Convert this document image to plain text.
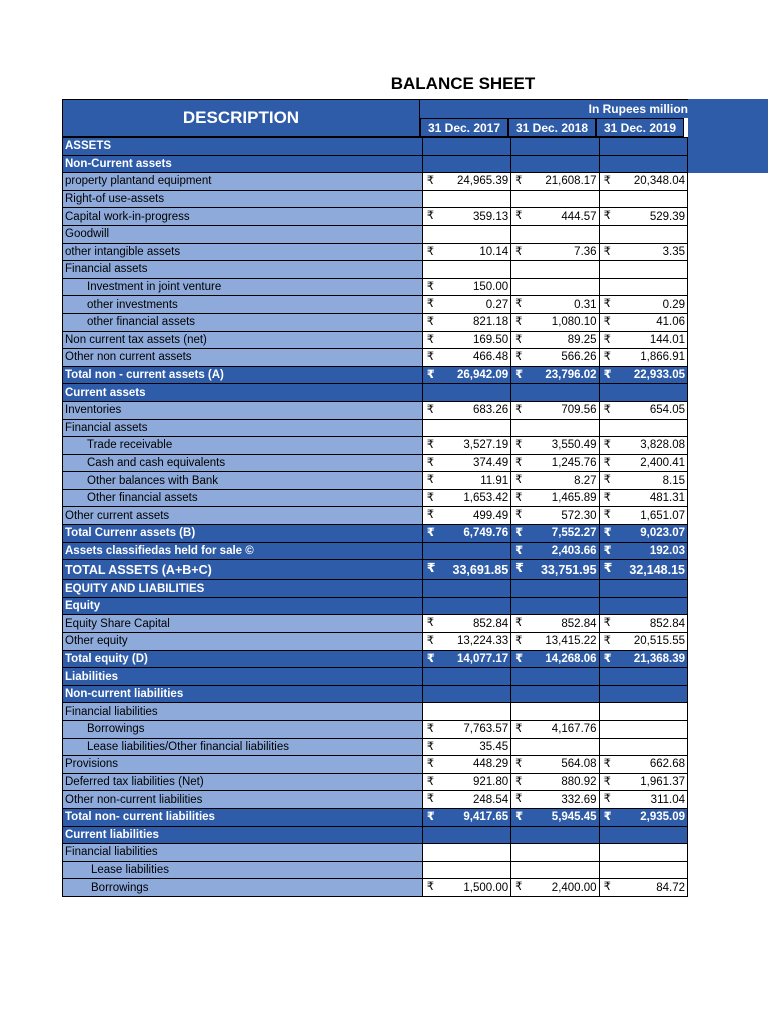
BALANCE SHEET
DESCRIPTION	In Rupees million
31 Dec. 2017	31 Dec. 2018	31 Dec. 2019
ASSETS			
Non-Current assets			
property plantand equipment	₹ 24,965.39	₹ 21,608.17	₹ 20,348.04
Right-of use-assets			
Capital work-in-progress	₹ 359.13	₹ 444.57	₹ 529.39
Goodwill			
other intangible assets	₹ 10.14	₹ 7.36	₹ 3.35
Financial assets			
Investment in joint venture	₹ 150.00		
other investments	₹ 0.27	₹ 0.31	₹ 0.29
other financial assets	₹ 821.18	₹ 1,080.10	₹ 41.06
Non current tax assets (net)	₹ 169.50	₹ 89.25	₹ 144.01
Other non current assets	₹ 466.48	₹ 566.26	₹ 1,866.91
Total non - current assets (A)	₹ 26,942.09	₹ 23,796.02	₹ 22,933.05
Current assets			
Inventories	₹ 683.26	₹ 709.56	₹ 654.05
Financial assets			
Trade receivable	₹ 3,527.19	₹ 3,550.49	₹ 3,828.08
Cash and cash equivalents	₹ 374.49	₹ 1,245.76	₹ 2,400.41
Other balances with Bank	₹ 11.91	₹ 8.27	₹ 8.15
Other financial assets	₹ 1,653.42	₹ 1,465.89	₹ 481.31
Other current assets	₹ 499.49	₹ 572.30	₹ 1,651.07
Total Currenr assets (B)	₹ 6,749.76	₹ 7,552.27	₹ 9,023.07
Assets classifiedas held for sale ©		₹ 2,403.66	₹ 192.03
TOTAL ASSETS (A+B+C)	₹ 33,691.85	₹ 33,751.95	₹ 32,148.15
EQUITY AND LIABILITIES			
Equity			
Equity Share Capital	₹ 852.84	₹ 852.84	₹ 852.84
Other equity	₹ 13,224.33	₹ 13,415.22	₹ 20,515.55
Total equity (D)	₹ 14,077.17	₹ 14,268.06	₹ 21,368.39
Liabilities			
Non-current liabilities			
Financial liabilities			
Borrowings	₹ 7,763.57	₹ 4,167.76	
Lease liabilities/Other financial liabilities	₹ 35.45		
Provisions	₹ 448.29	₹ 564.08	₹ 662.68
Deferred tax liabilities (Net)	₹ 921.80	₹ 880.92	₹ 1,961.37
Other non-current liabilities	₹ 248.54	₹ 332.69	₹ 311.04
Total non- current liabilities	₹ 9,417.65	₹ 5,945.45	₹ 2,935.09
Current liabilities			
Financial liabilities			
Lease liabilities			
Borrowings	₹ 1,500.00	₹ 2,400.00	₹ 84.72
